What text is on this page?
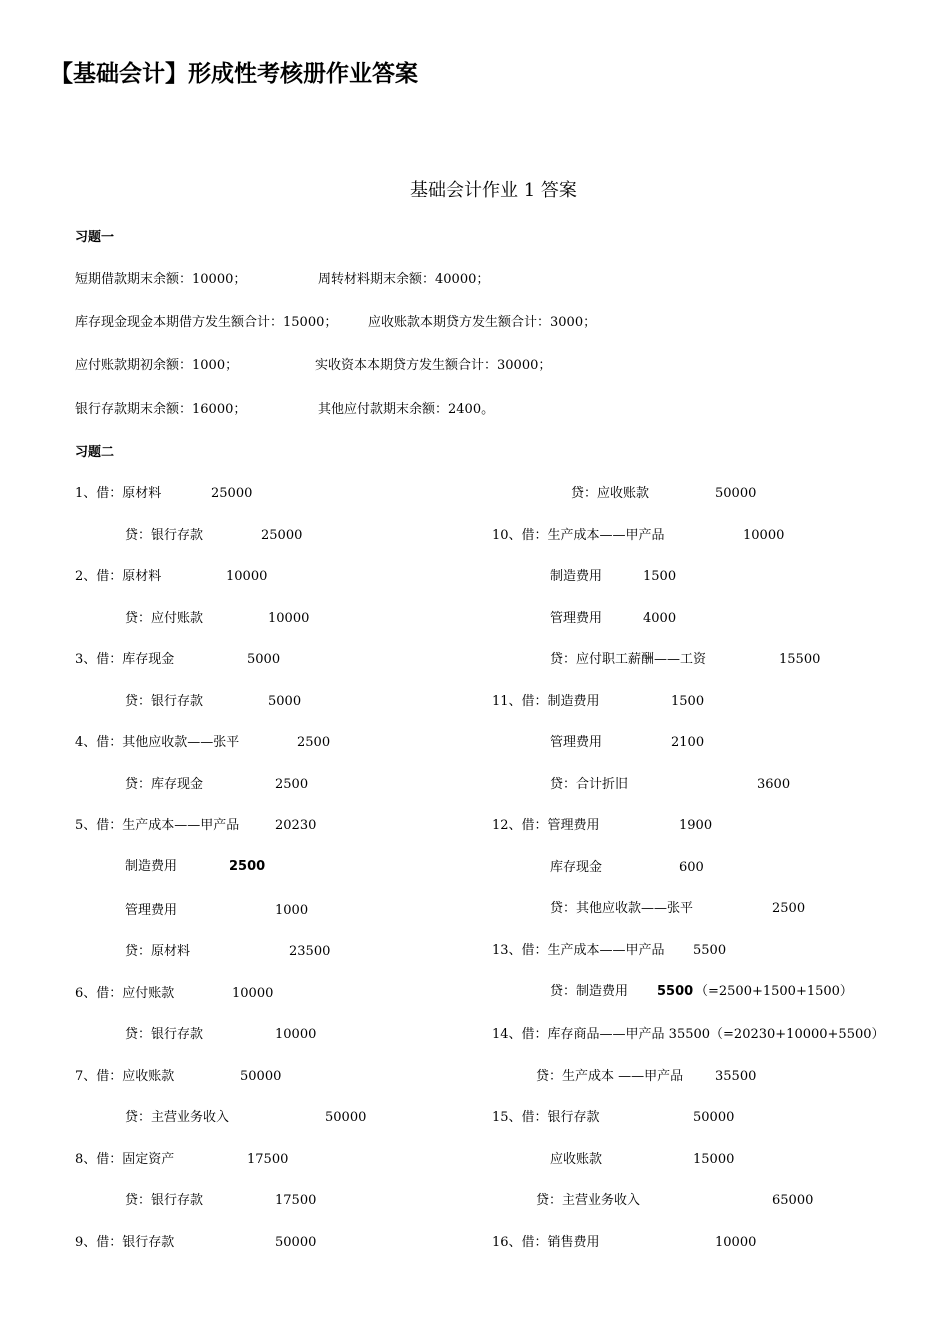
【基础会计】形成性考核册作业答案
基础会计作业 1 答案
习题一
短期借款期末余额：10000；	周转材料期末余额：40000；
库存现金现金本期借方发生额合计：15000； 应收账款本期贷方发生额合计：3000；
应付账款期初余额：1000；	实收资本本期贷方发生额合计：30000；
银行存款期末余额：16000；	其他应付款期末余额：2400。
习题二
1、借：原材料	25000
贷：银行存款	25000
2、借：原材料	10000
贷：应付账款	10000
3、借：库存现金	5000
贷：银行存款	5000
4、借：其他应收款——张平	2500
贷：库存现金	2500
5、借：生产成本——甲产品	20230
制造费用	2500
管理费用	1000
贷：原材料	23500
6、借：应付账款	10000
贷：银行存款	10000
7、借：应收账款	50000
贷：主营业务收入	50000
8、借：固定资产	17500
贷：银行存款	17500
9、借：银行存款	50000
贷：应收账款	50000
10、借：生产成本——甲产品	10000
制造费用	1500
管理费用	4000
贷：应付职工薪酬——工资	15500
11、借：制造费用	1500
管理费用	2100
贷：合计折旧	3600
12、借：管理费用	1900
库存现金	600
贷：其他应收款——张平	2500
13、借：生产成本——甲产品 5500
贷：制造费用 5500 （=2500+1500+1500）
14、借：库存商品——甲产品 35500（=20230+10000+5500）
贷：生产成本 ——甲产品 35500
15、借：银行存款	50000
应收账款	15000
贷：主营业务收入	65000
16、借：销售费用	10000
